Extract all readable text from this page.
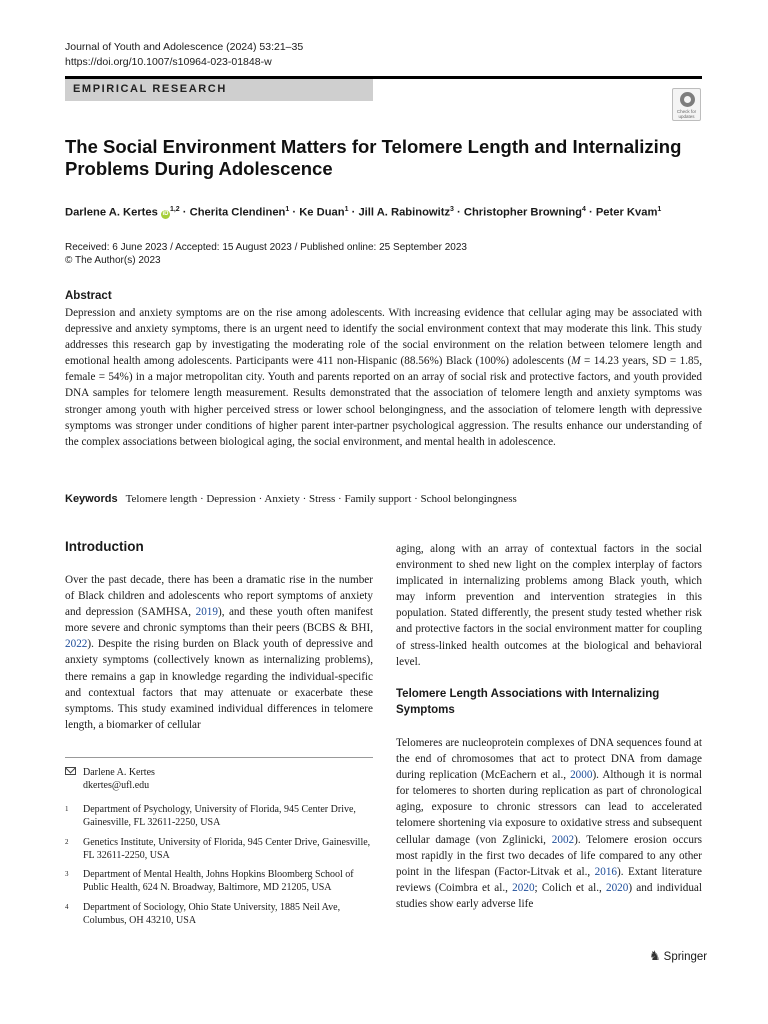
Journal of Youth and Adolescence (2024) 53:21–35
https://doi.org/10.1007/s10964-023-01848-w
EMPIRICAL RESEARCH
Check for updates
The Social Environment Matters for Telomere Length and Internalizing Problems During Adolescence
Darlene A. Kertes iD$^{1,2}$ · Cherita Clendinen$^1$ · Ke Duan$^1$ · Jill A. Rabinowitz$^3$ · Christopher Browning$^4$ · Peter Kvam$^1$
Received: 6 June 2023 / Accepted: 15 August 2023 / Published online: 25 September 2023
© The Author(s) 2023
Abstract
Depression and anxiety symptoms are on the rise among adolescents. With increasing evidence that cellular aging may be associated with depressive and anxiety symptoms, there is an urgent need to identify the social environment context that may moderate this link. This study addresses this research gap by investigating the moderating role of the social environment on the relation between telomere length and emotional health among adolescents. Participants were 411 non-Hispanic (88.56%) Black (100%) adolescents (M = 14.23 years, SD = 1.85, female = 54%) in a major metropolitan city. Youth and parents reported on an array of social risk and protective factors, and youth provided DNA samples for telomere length measurement. Results demonstrated that the association of telomere length and anxiety symptoms was stronger among youth with higher perceived stress or lower school belongingness, and the association of telomere length with depressive symptoms was stronger under conditions of higher parent inter-partner psychological aggression. The results enhance our understanding of the complex associations between biological aging, the social environment, and mental health in adolescence.
Keywords Telomere length · Depression · Anxiety · Stress · Family support · School belongingness
Introduction
Over the past decade, there has been a dramatic rise in the number of Black children and adolescents who report symptoms of anxiety and depression (SAMHSA, 2019), and these youth often manifest more severe and chronic symptoms than their peers (BCBS & BHI, 2022). Despite the rising burden on Black youth of depressive and anxiety symptoms (collectively known as internalizing problems), there remains a gap in knowledge regarding the individual-specific and contextual factors that may attenuate or exacerbate these symptoms. This study examined individual differences in telomere length, a biomarker of cellular
Darlene A. Kertes
dkertes@ufl.edu
1 Department of Psychology, University of Florida, 945 Center Drive, Gainesville, FL 32611-2250, USA
2 Genetics Institute, University of Florida, 945 Center Drive, Gainesville, FL 32611-2250, USA
3 Department of Mental Health, Johns Hopkins Bloomberg School of Public Health, 624 N. Broadway, Baltimore, MD 21205, USA
4 Department of Sociology, Ohio State University, 1885 Neil Ave, Columbus, OH 43210, USA
aging, along with an array of contextual factors in the social environment to shed new light on the complex interplay of factors implicated in internalizing problems among Black youth, which may inform prevention and intervention strategies in this population. Stated differently, the present study tested whether risk and protective factors in the social environment matter for coupling of stress-linked health outcomes at the biological and behavioral level.
Telomere Length Associations with Internalizing Symptoms
Telomeres are nucleoprotein complexes of DNA sequences found at the end of chromosomes that act to protect DNA from damage during replication (McEachern et al., 2000). Although it is normal for telomeres to shorten during replication as part of chronological aging, exposure to chronic stressors can lead to accelerated telomere shortening via exposure to oxidative stress and subsequent cellular damage (von Zglinicki, 2002). Telomere erosion occurs most rapidly in the first two decades of life compared to any other point in the lifespan (Factor-Litvak et al., 2016). Extant literature reviews (Coimbra et al., 2020; Colich et al., 2020) and individual studies show early adverse life
♞ Springer
